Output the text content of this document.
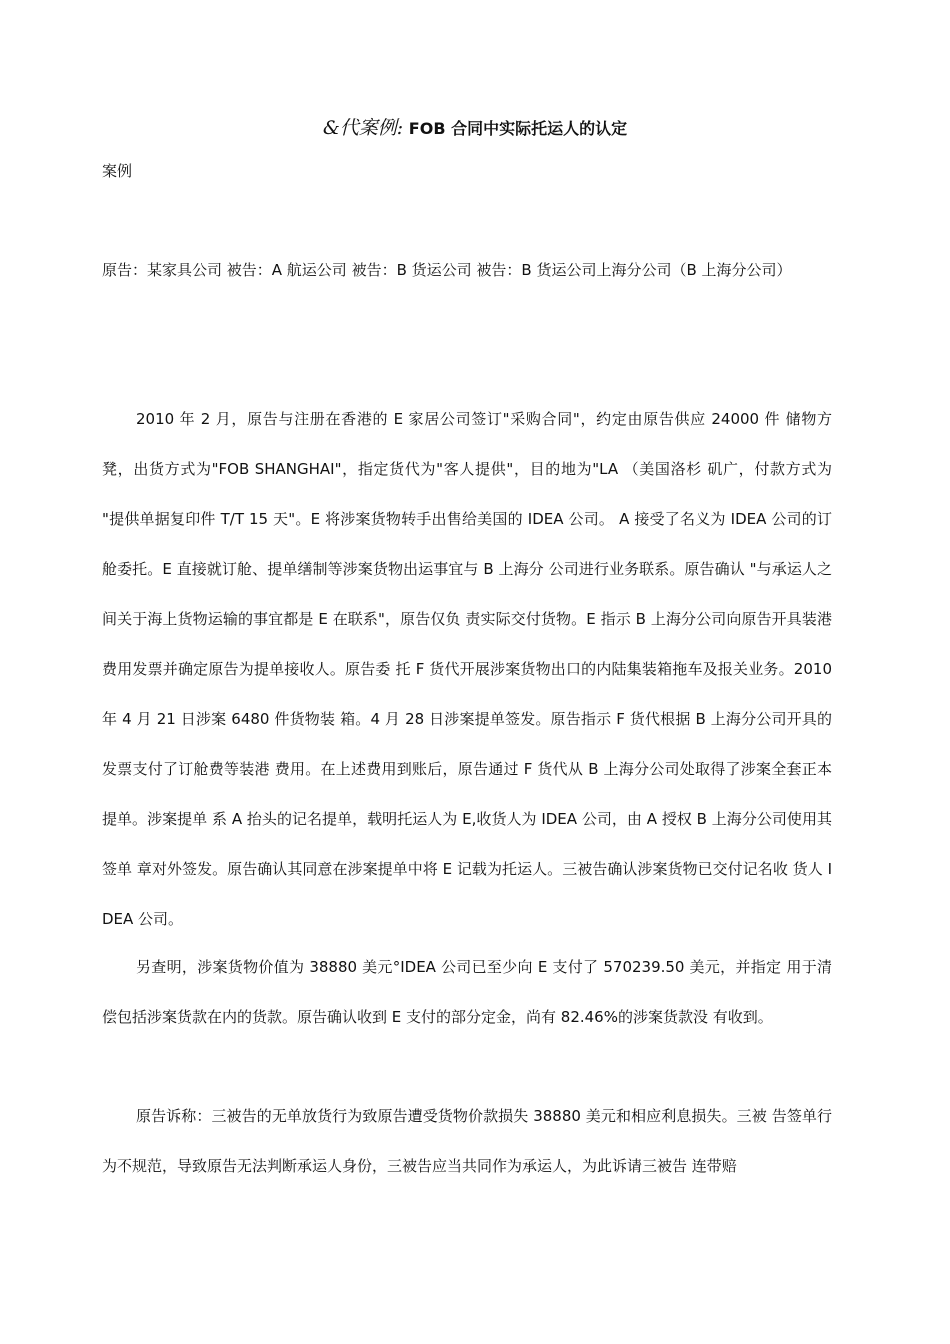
&代案例: FOB 合同中实际托运人的认定
案例

原告：某家具公司 被告：A 航运公司 被告：B 货运公司 被告：B 货运公司上海分公司（B 上海分公司）

2010 年 2 月，原告与注册在香港的 E 家居公司签订"采购合同"，约定由原告供应 24000 件 储物方凳，出货方式为"FOB SHANGHAI"，指定货代为"客人提供"，目的地为"LA （美国洛杉 矶广，付款方式为 "提供单据复印件 T/T 15 天"。E 将涉案货物转手出售给美国的 IDEA 公司。 A 接受了名义为 IDEA 公司的订舱委托。E 直接就订舱、提单缮制等涉案货物出运事宜与 B 上海分 公司进行业务联系。原告确认 "与承运人之间关于海上货物运输的事宜都是 E 在联系"，原告仅负 责实际交付货物。E 指示 B 上海分公司向原告开具装港费用发票并确定原告为提单接收人。原告委 托 F 货代开展涉案货物出口的内陆集装箱拖车及报关业务。2010 年 4 月 21 日涉案 6480 件货物装 箱。4 月 28 日涉案提单签发。原告指示 F 货代根据 B 上海分公司开具的发票支付了订舱费等装港 费用。在上述费用到账后，原告通过 F 货代从 B 上海分公司处取得了涉案全套正本提单。涉案提单 系 A 抬头的记名提单，载明托运人为 E,收货人为 IDEA 公司，由 A 授权 B 上海分公司使用其签单 章对外签发。原告确认其同意在涉案提单中将 E 记载为托运人。三被告确认涉案货物已交付记名收 货人 IDEA 公司。

另查明，涉案货物价值为 38880 美元°IDEA 公司已至少向 E 支付了 570239.50 美元，并指定 用于清偿包括涉案货款在内的货款。原告确认收到 E 支付的部分定金，尚有 82.46%的涉案货款没 有收到。

原告诉称：三被告的无单放货行为致原告遭受货物价款损失 38880 美元和相应利息损失。三被 告签单行为不规范，导致原告无法判断承运人身份，三被告应当共同作为承运人，为此诉请三被告 连带赔
